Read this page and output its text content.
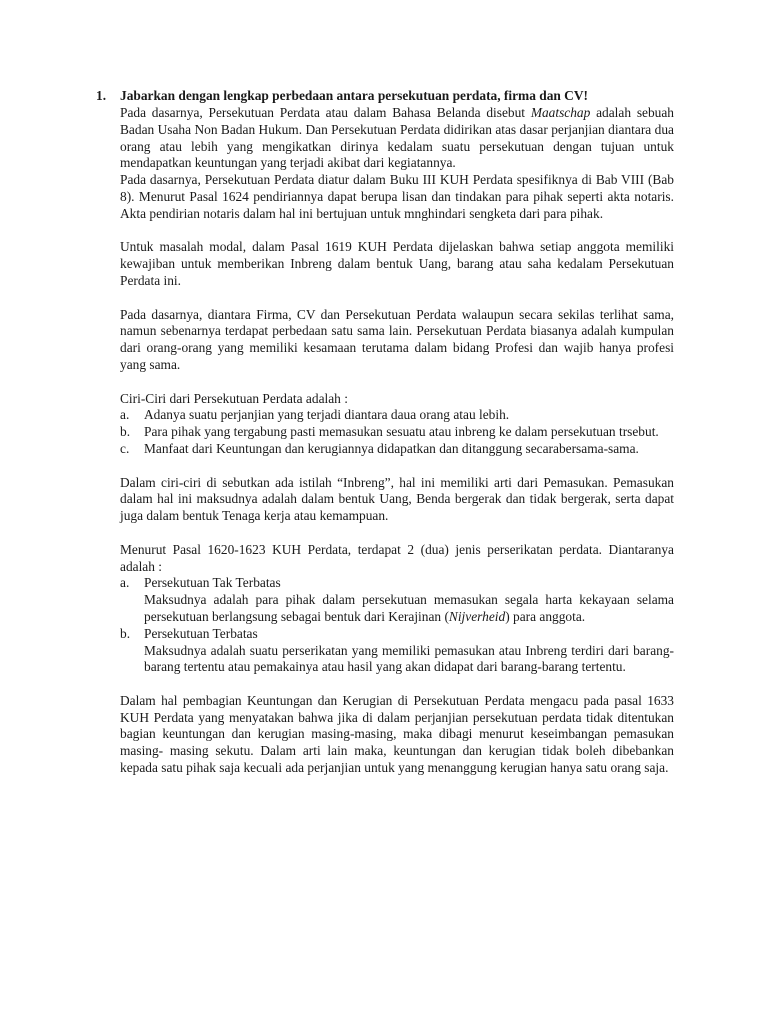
1. Jabarkan dengan lengkap perbedaan antara persekutuan perdata, firma dan CV!

Pada dasarnya, Persekutuan Perdata atau dalam Bahasa Belanda disebut Maatschap adalah sebuah Badan Usaha Non Badan Hukum. Dan Persekutuan Perdata didirikan atas dasar perjanjian diantara dua orang atau lebih yang mengikatkan dirinya kedalam suatu persekutuan dengan tujuan untuk mendapatkan keuntungan yang terjadi akibat dari kegiatannya.

Pada dasarnya, Persekutuan Perdata diatur dalam Buku III KUH Perdata spesifiknya di Bab VIII (Bab 8). Menurut Pasal 1624 pendiriannya dapat berupa lisan dan tindakan para pihak seperti akta notaris. Akta pendirian notaris dalam hal ini bertujuan untuk mnghindari sengketa dari para pihak.

Untuk masalah modal, dalam Pasal 1619 KUH Perdata dijelaskan bahwa setiap anggota memiliki kewajiban untuk memberikan Inbreng dalam bentuk Uang, barang atau saha kedalam Persekutuan Perdata ini.

Pada dasarnya, diantara Firma, CV dan Persekutuan Perdata walaupun secara sekilas terlihat sama, namun sebenarnya terdapat perbedaan satu sama lain. Persekutuan Perdata biasanya adalah kumpulan dari orang-orang yang memiliki kesamaan terutama dalam bidang Profesi dan wajib hanya profesi yang sama.

Ciri-Ciri dari Persekutuan Perdata adalah :

a. Adanya suatu perjanjian yang terjadi diantara daua orang atau lebih.
b. Para pihak yang tergabung pasti memasukan sesuatu atau inbreng ke dalam persekutuan trsebut.
c. Manfaat dari Keuntungan dan kerugiannya didapatkan dan ditanggung secarabersama-sama.

Dalam ciri-ciri di sebutkan ada istilah “Inbreng”, hal ini memiliki arti dari Pemasukan. Pemasukan dalam hal ini maksudnya adalah dalam bentuk Uang, Benda bergerak dan tidak bergerak, serta dapat juga dalam bentuk Tenaga kerja atau kemampuan.

Menurut Pasal 1620-1623 KUH Perdata, terdapat 2 (dua) jenis perserikatan perdata. Diantaranya adalah :

a. Persekutuan Tak Terbatas

Maksudnya adalah para pihak dalam persekutuan memasukan segala harta kekayaan selama persekutuan berlangsung sebagai bentuk dari Kerajinan (Nijverheid) para anggota.

b. Persekutuan Terbatas

Maksudnya adalah suatu perserikatan yang memiliki pemasukan atau Inbreng terdiri dari barang-barang tertentu atau pemakainya atau hasil yang akan didapat dari barang-barang tertentu.

Dalam hal pembagian Keuntungan dan Kerugian di Persekutuan Perdata mengacu pada pasal 1633 KUH Perdata yang menyatakan bahwa jika di dalam perjanjian persekutuan perdata tidak ditentukan bagian keuntungan dan kerugian masing-masing, maka dibagi menurut keseimbangan pemasukan masing- masing sekutu. Dalam arti lain maka, keuntungan dan kerugian tidak boleh dibebankan kepada satu pihak saja kecuali ada perjanjian untuk yang menanggung kerugian hanya satu orang saja.
